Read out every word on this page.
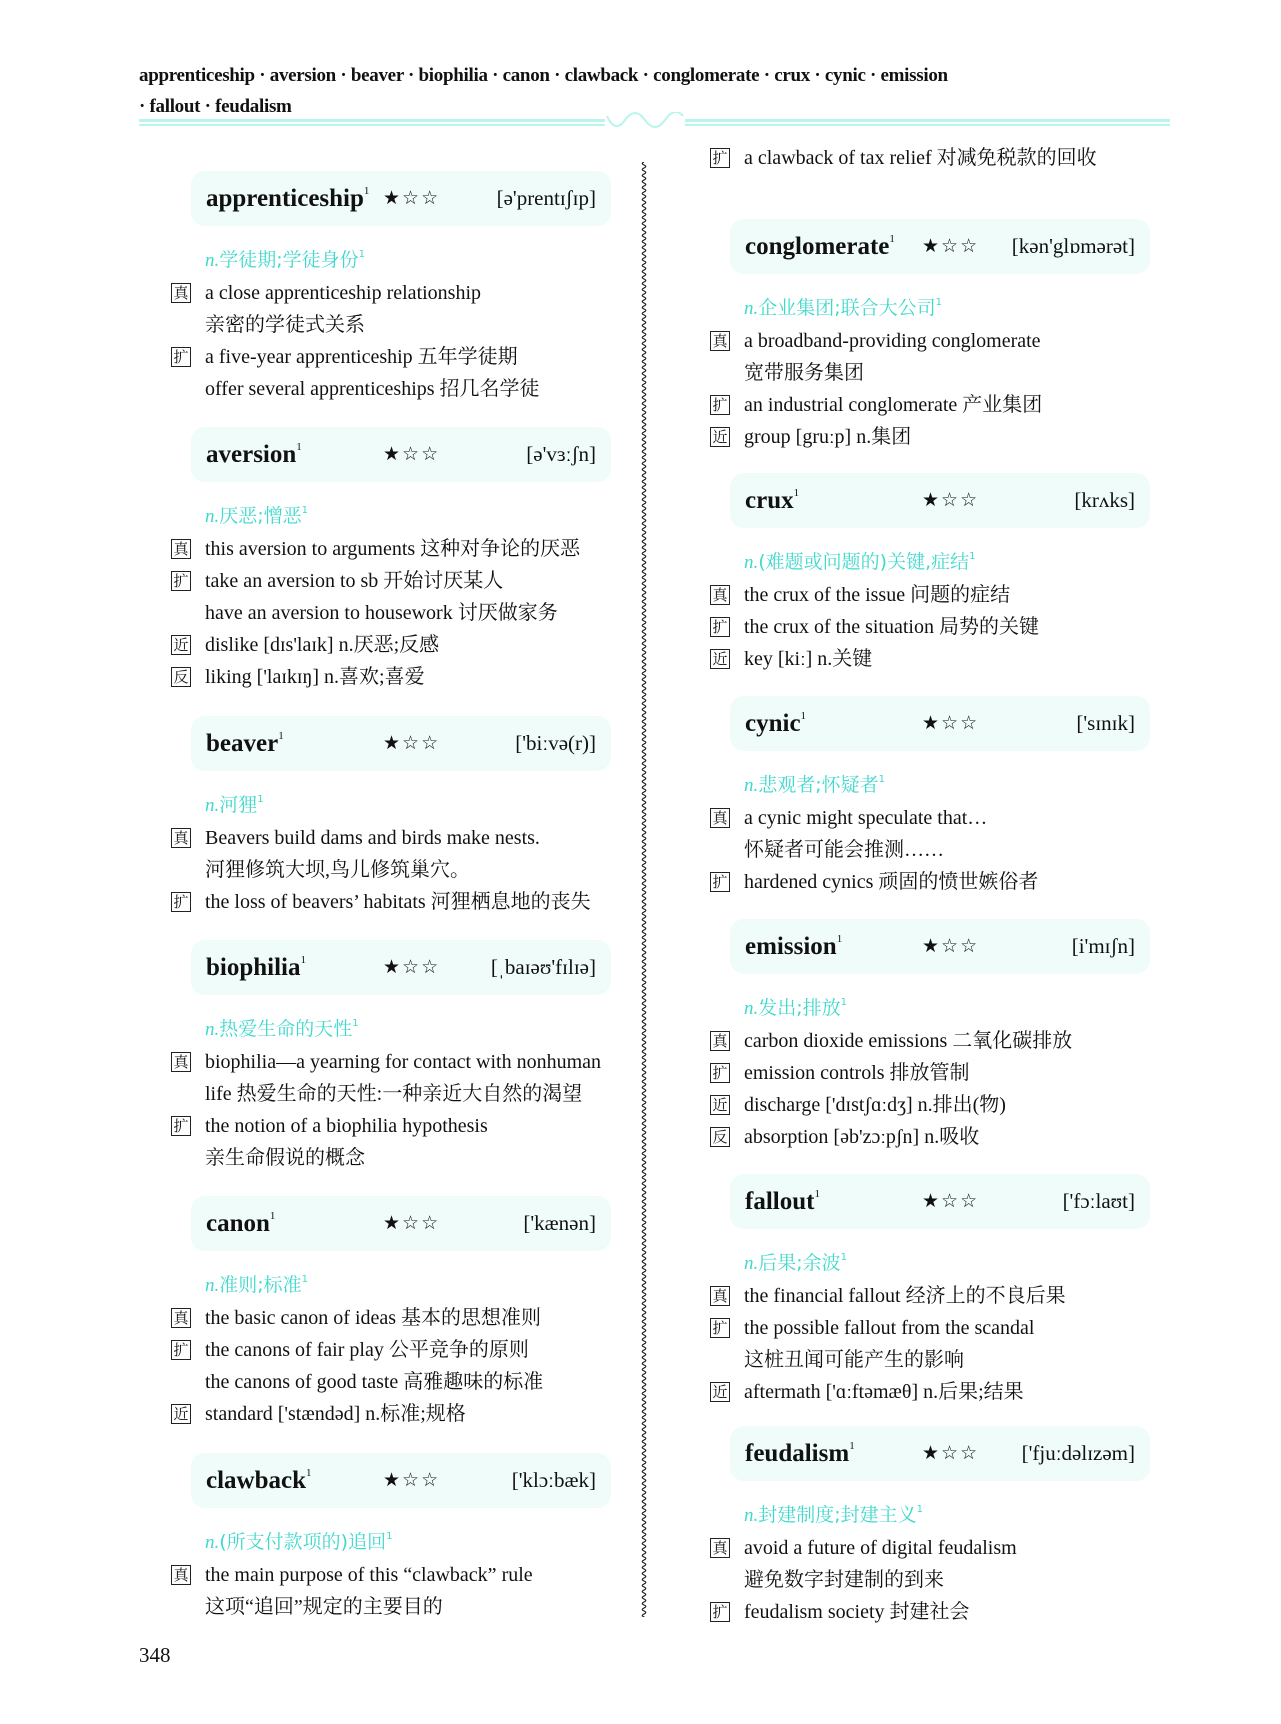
apprenticeship · aversion · beaver · biophilia · canon · clawback · conglomerate · crux · cynic · emission
· fallout · feudalism
apprenticeship$^1$ ★☆☆	[ə'prentɪʃɪp]
n.学徒期;学徒身份$^1$
真 a close apprenticeship relationship
亲密的学徒式关系
扩 a five-year apprenticeship 五年学徒期
offer several apprenticeships 招几名学徒
aversion$^1$	★☆☆	[ə'vɜːʃn]
n.厌恶;憎恶$^1$
真 this aversion to arguments 这种对争论的厌恶
扩 take an aversion to sb 开始讨厌某人
have an aversion to housework 讨厌做家务
近 dislike [dɪs'laɪk] n.厌恶;反感
反 liking ['laɪkɪŋ] n.喜欢;喜爱
beaver$^1$	★☆☆	['biːvə(r)]
n.河狸$^1$
真 Beavers build dams and birds make nests.
河狸修筑大坝,鸟儿修筑巢穴。
扩 the loss of beavers’ habitats 河狸栖息地的丧失
biophilia$^1$	★☆☆ [ˌbaɪəʊ'fɪlɪə]
n.热爱生命的天性$^1$
真 biophilia—a yearning for contact with nonhuman
life 热爱生命的天性:一种亲近大自然的渴望
扩 the notion of a biophilia hypothesis
亲生命假说的概念
canon$^1$	★☆☆	['kænən]
n.准则;标准$^1$
真 the basic canon of ideas 基本的思想准则
扩 the canons of fair play 公平竞争的原则
the canons of good taste 高雅趣味的标准
近 standard ['stændəd] n.标准;规格
clawback$^1$	★☆☆	['klɔːbæk]
n.(所支付款项的)追回$^1$
真 the main purpose of this “clawback” rule
这项“追回”规定的主要目的
conglomerate$^1$	★☆☆ [kən'glɒmərət]
n.企业集团;联合大公司$^1$
真 a broadband-providing conglomerate
宽带服务集团
扩 an industrial conglomerate 产业集团
近 group [gruːp] n.集团
crux$^1$	★☆☆	[krʌks]
n.(难题或问题的)关键,症结$^1$
真 the crux of the issue 问题的症结
扩 the crux of the situation 局势的关键
近 key [kiː] n.关键
cynic$^1$	★☆☆	['sɪnɪk]
n.悲观者;怀疑者$^1$
真 a cynic might speculate that…
怀疑者可能会推测……
扩 hardened cynics 顽固的愤世嫉俗者
emission$^1$	★☆☆	[i'mɪʃn]
n.发出;排放$^1$
真 carbon dioxide emissions 二氧化碳排放
扩 emission controls 排放管制
近 discharge ['dɪstʃɑːdʒ] n.排出(物)
反 absorption [əb'zɔːpʃn] n.吸收
fallout$^1$	★☆☆	['fɔːlaʊt]
n.后果;余波$^1$
真 the financial fallout 经济上的不良后果
扩 the possible fallout from the scandal
这桩丑闻可能产生的影响
近 aftermath ['ɑːftəmæθ] n.后果;结果
feudalism$^1$	★☆☆ ['fjuːdəlɪzəm]
n.封建制度;封建主义$^1$
真 avoid a future of digital feudalism
避免数字封建制的到来
扩 feudalism society 封建社会
扩 a clawback of tax relief 对减免税款的回收
348
